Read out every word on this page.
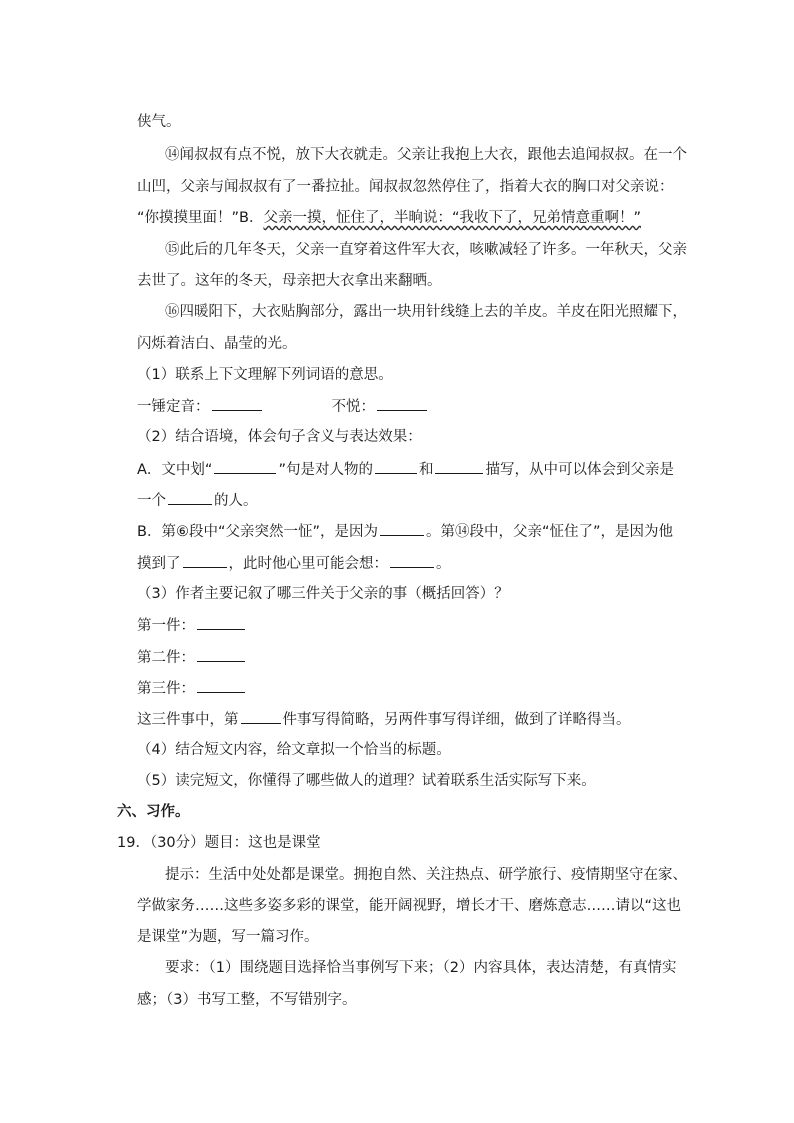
侠气。
⑭闻叔叔有点不悦，放下大衣就走。父亲让我抱上大衣，跟他去追闻叔叔。在一个
山凹，父亲与闻叔叔有了一番拉扯。闻叔叔忽然停住了，指着大衣的胸口对父亲说：
“你摸摸里面！”B．父亲一摸，怔住了，半晌说：“我收下了，兄弟情意重啊！”
⑮此后的几年冬天，父亲一直穿着这件军大衣，咳嗽减轻了许多。一年秋天，父亲
去世了。这年的冬天，母亲把大衣拿出来翻晒。
⑯四暖阳下，大衣贴胸部分，露出一块用针线缝上去的羊皮。羊皮在阳光照耀下，
闪烁着洁白、晶莹的光。
（1）联系上下文理解下列词语的意思。
一锤定音：	不悦：
（2）结合语境，体会句子含义与表达效果：
A．文中划“	”句是对人物的	和	描写，从中可以体会到父亲是
一个	的人。
B．第⑥段中“父亲突然一怔”，是因为	。第⑭段中，父亲“怔住了”，是因为他
摸到了	，此时他心里可能会想：	。
（3）作者主要记叙了哪三件关于父亲的事（概括回答）？
第一件：
第二件：
第三件：
这三件事中，第	件事写得简略，另两件事写得详细，做到了详略得当。
（4）结合短文内容，给文章拟一个恰当的标题。
（5）读完短文，你懂得了哪些做人的道理？试着联系生活实际写下来。
六、习作。
19．（30分）题目：这也是课堂
提示：生活中处处都是课堂。拥抱自然、关注热点、研学旅行、疫情期坚守在家、
学做家务……这些多姿多彩的课堂，能开阔视野，增长才干、磨炼意志……请以“这也
是课堂”为题，写一篇习作。
要求：（1）围绕题目选择恰当事例写下来；（2）内容具体，表达清楚，有真情实
感；（3）书写工整，不写错别字。
